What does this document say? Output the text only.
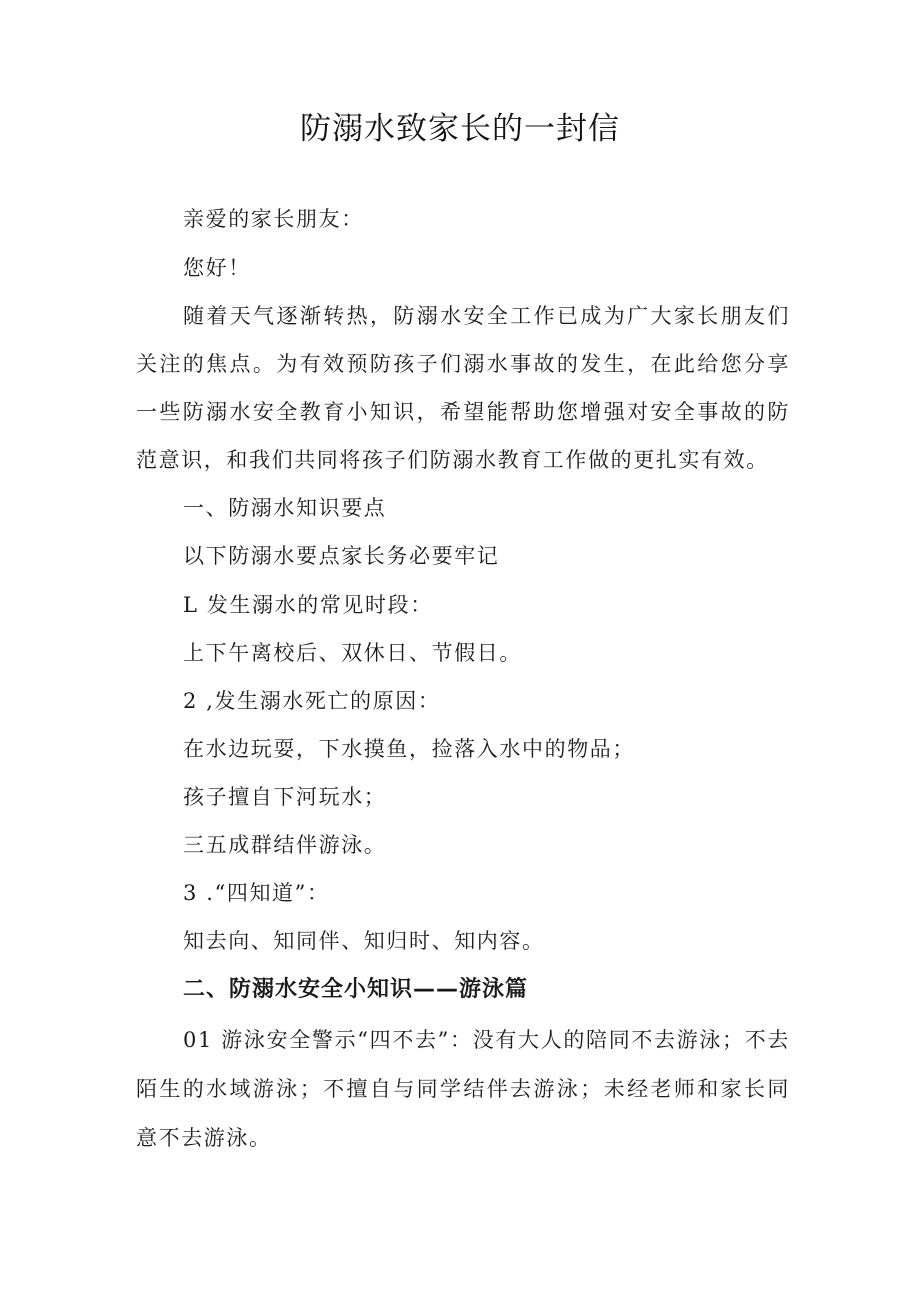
防溺水致家长的一封信
亲爱的家长朋友：
您好！
随着天气逐渐转热，防溺水安全工作已成为广大家长朋友们
关注的焦点。为有效预防孩子们溺水事故的发生，在此给您分享
一些防溺水安全教育小知识，希望能帮助您增强对安全事故的防
范意识，和我们共同将孩子们防溺水教育工作做的更扎实有效。
一、防溺水知识要点
以下防溺水要点家长务必要牢记
L 发生溺水的常见时段：
上下午离校后、双休日、节假日。
2 ,发生溺水死亡的原因：
在水边玩耍，下水摸鱼，捡落入水中的物品；
孩子擅自下河玩水；
三五成群结伴游泳。
3 .“四知道”：
知去向、知同伴、知归时、知内容。
二、防溺水安全小知识——游泳篇
01 游泳安全警示“四不去”：没有大人的陪同不去游泳；不去
陌生的水域游泳；不擅自与同学结伴去游泳；未经老师和家长同
意不去游泳。
